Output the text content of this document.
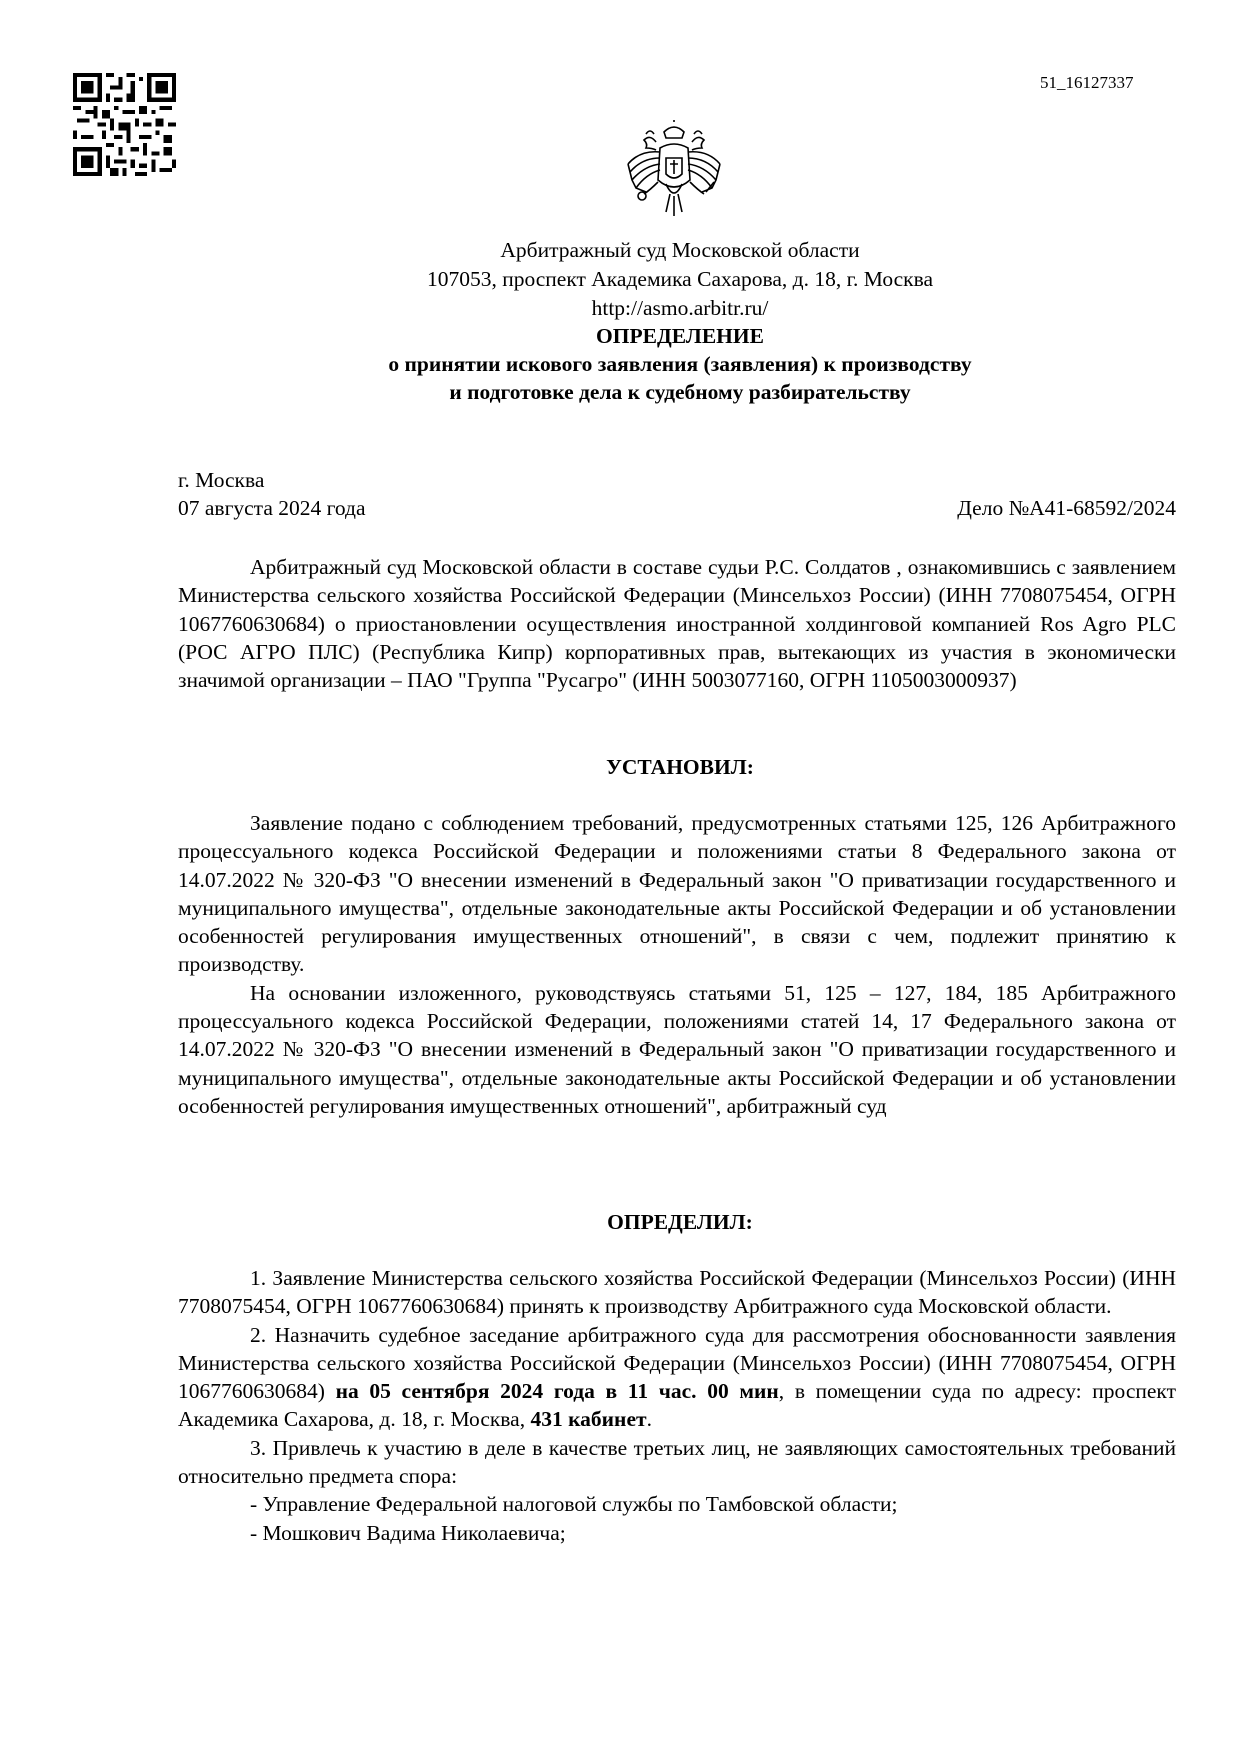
51_16127337
Арбитражный суд Московской области
107053, проспект Академика Сахарова, д. 18, г. Москва
http://asmo.arbitr.ru/
ОПРЕДЕЛЕНИЕ
о принятии искового заявления (заявления) к производству
и подготовке дела к судебному разбирательству
г. Москва
07 августа 2024 года	Дело №А41-68592/2024

Арбитражный суд Московской области в составе судьи Р.С. Солдатов , ознакомившись с заявлением Министерства сельского хозяйства Российской Федерации (Минсельхоз России) (ИНН 7708075454, ОГРН 1067760630684) о приостановлении осуществления иностранной холдинговой компанией Ros Agro PLC (РОС АГРО ПЛС) (Республика Кипр) корпоративных прав, вытекающих из участия в экономически значимой организации – ПАО "Группа "Русагро" (ИНН 5003077160, ОГРН 1105003000937)

УСТАНОВИЛ:

Заявление подано с соблюдением требований, предусмотренных статьями 125, 126 Арбитражного процессуального кодекса Российской Федерации и положениями статьи 8 Федерального закона от 14.07.2022 № 320-ФЗ "О внесении изменений в Федеральный закон "О приватизации государственного и муниципального имущества", отдельные законодательные акты Российской Федерации и об установлении особенностей регулирования имущественных отношений", в связи с чем, подлежит принятию к производству.

На основании изложенного, руководствуясь статьями 51, 125 – 127, 184, 185 Арбитражного процессуального кодекса Российской Федерации, положениями статей 14, 17 Федерального закона от 14.07.2022 № 320-ФЗ "О внесении изменений в Федеральный закон "О приватизации государственного и муниципального имущества", отдельные законодательные акты Российской Федерации и об установлении особенностей регулирования имущественных отношений", арбитражный суд

ОПРЕДЕЛИЛ:

1. Заявление Министерства сельского хозяйства Российской Федерации (Минсельхоз России) (ИНН 7708075454, ОГРН 1067760630684) принять к производству Арбитражного суда Московской области.

2. Назначить судебное заседание арбитражного суда для рассмотрения обоснованности заявления Министерства сельского хозяйства Российской Федерации (Минсельхоз России) (ИНН 7708075454, ОГРН 1067760630684) на 05 сентября 2024 года в 11 час. 00 мин, в помещении суда по адресу: проспект Академика Сахарова, д. 18, г. Москва, 431 кабинет.

3. Привлечь к участию в деле в качестве третьих лиц, не заявляющих самостоятельных требований относительно предмета спора:

- Управление Федеральной налоговой службы по Тамбовской области;

- Мошкович Вадима Николаевича;
